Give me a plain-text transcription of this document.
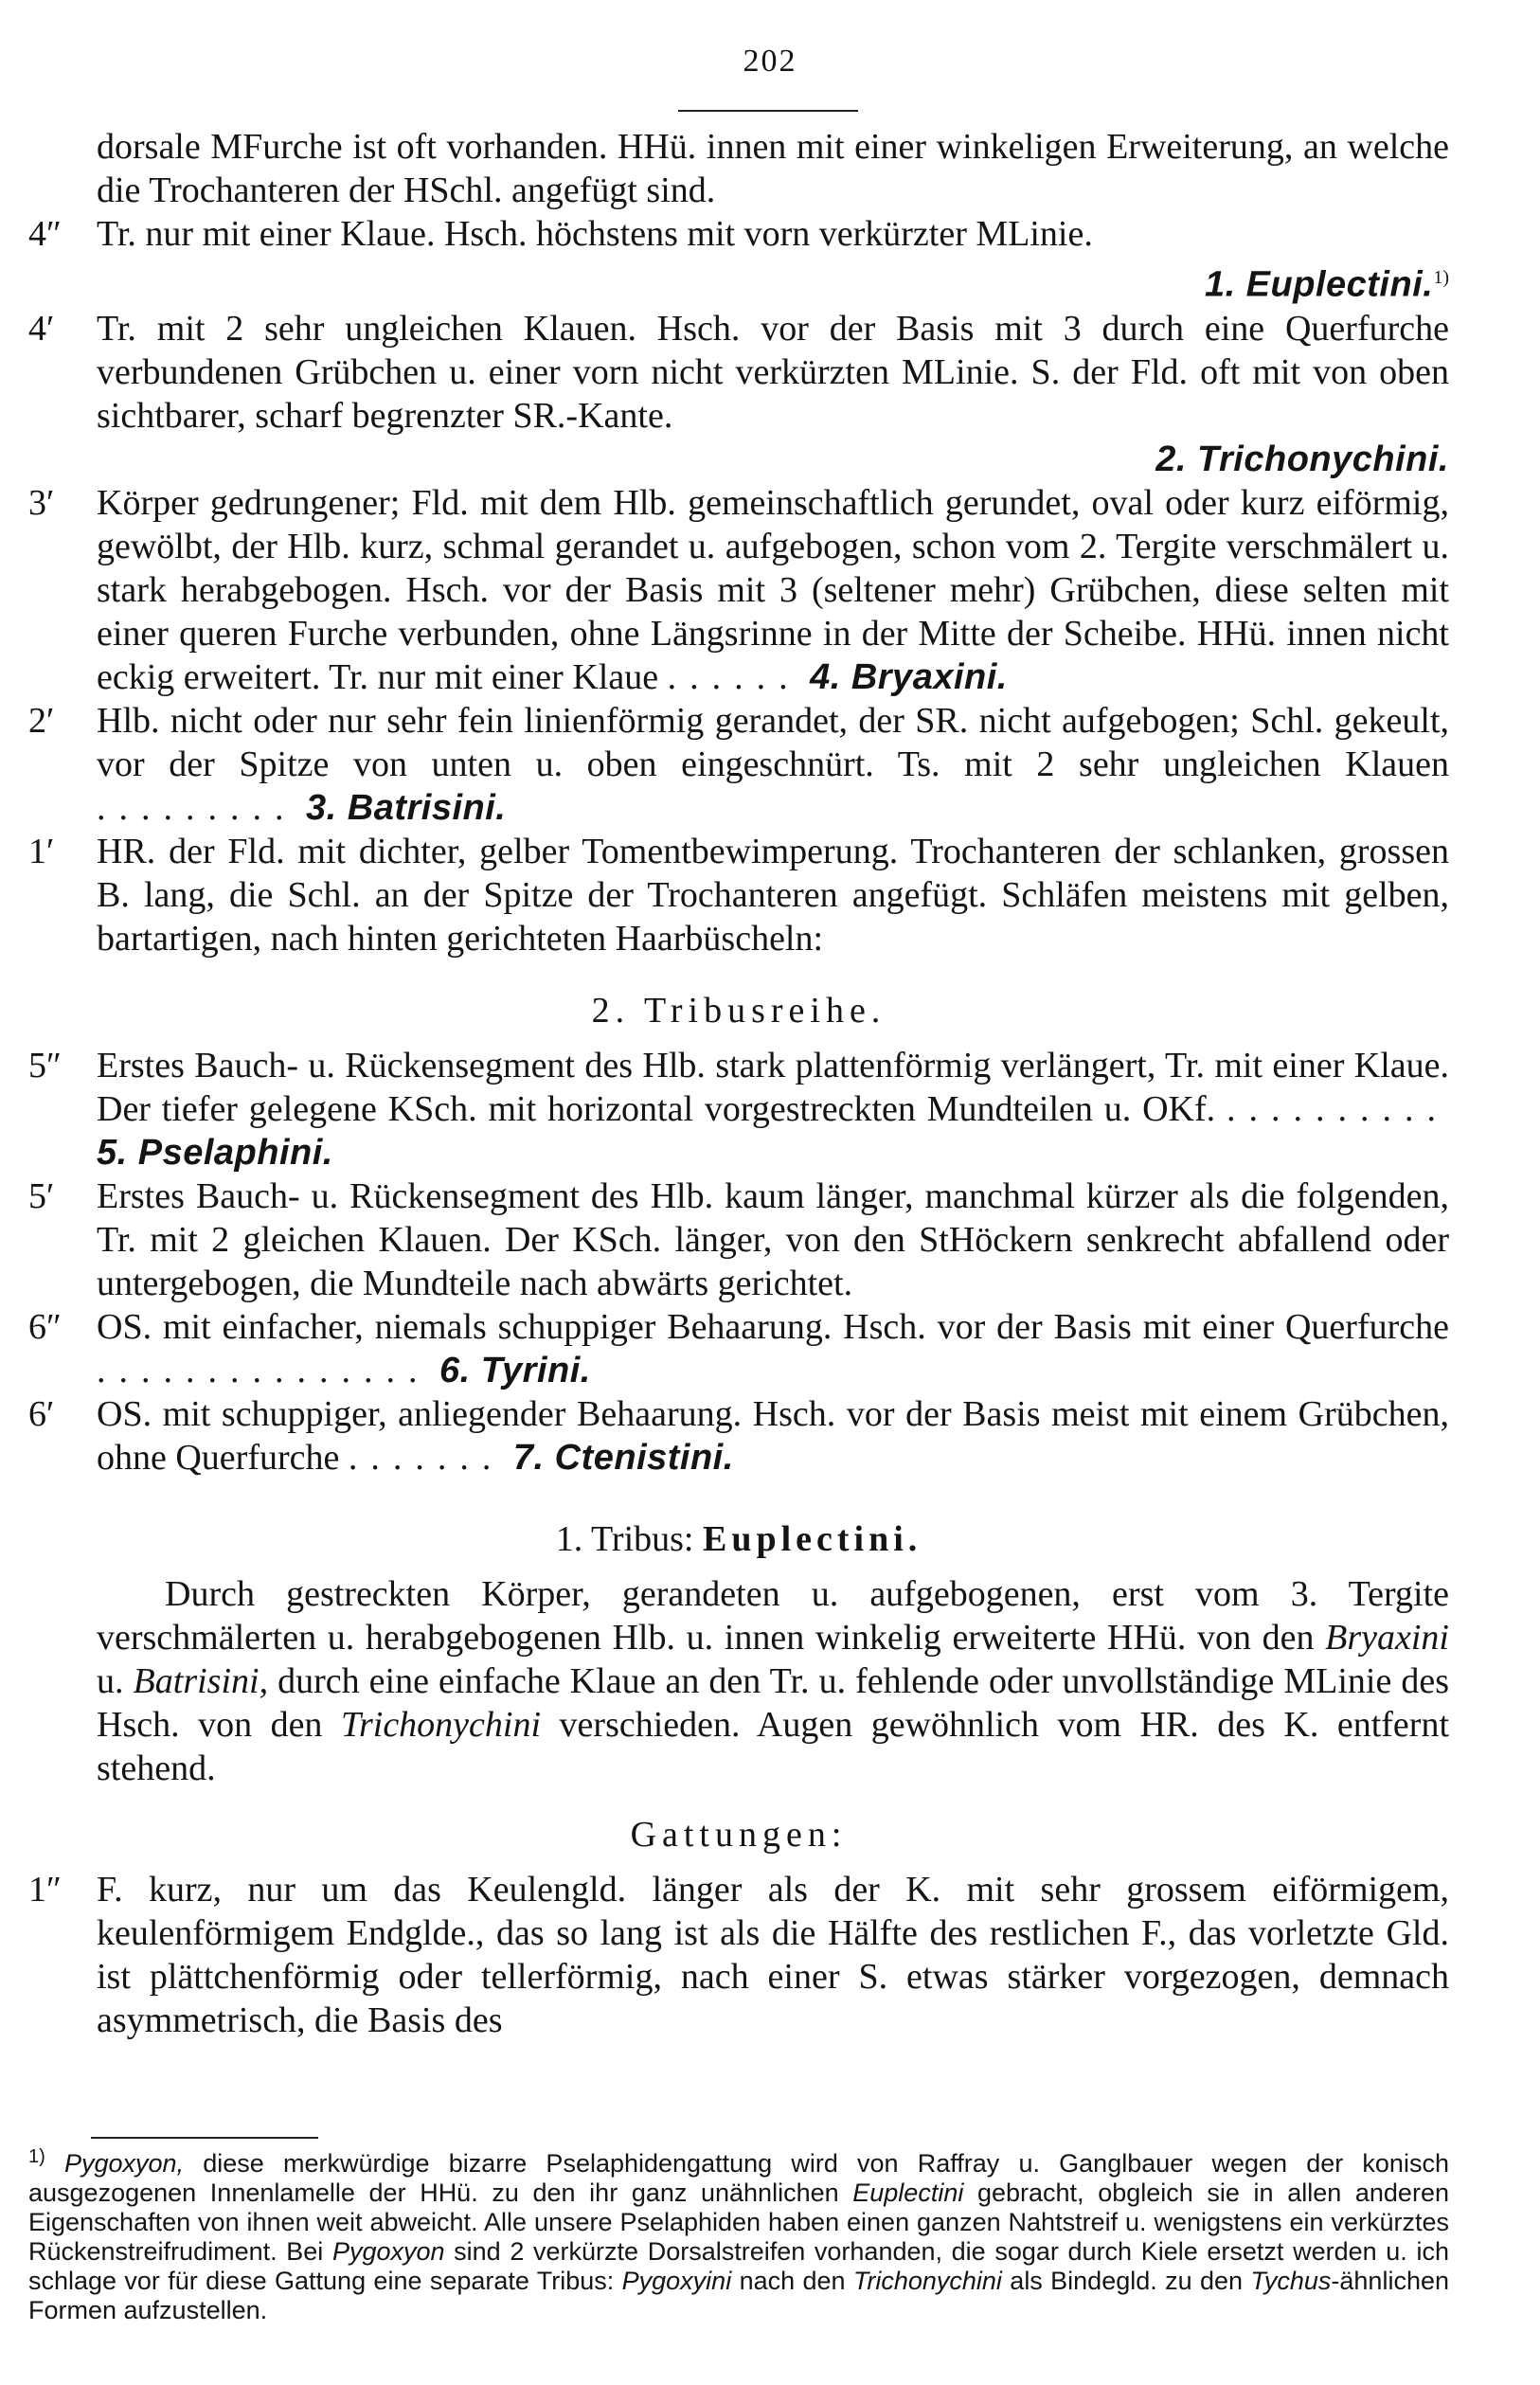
202
dorsale MFurche ist oft vorhanden. HHü. innen mit einer winkeligen Erweiterung, an welche die Trochanteren der HSchl. angefügt sind.
4″ Tr. nur mit einer Klaue. Hsch. höchstens mit vorn verkürzter MLinie.
1. Euplectini.$^{1)}$
4′	Tr. mit 2 sehr ungleichen Klauen. Hsch. vor der Basis mit 3 durch eine Querfurche verbundenen Grübchen u. einer vorn nicht verkürzten MLinie. S. der Fld. oft mit von oben sichtbarer, scharf begrenzter SR.-Kante.
2. Trichonychini.
3′	Körper gedrungener; Fld. mit dem Hlb. gemeinschaftlich gerundet, oval oder kurz eiförmig, gewölbt, der Hlb. kurz, schmal gerandet u. aufgebogen, schon vom 2. Tergite verschmälert u. stark herabgebogen. Hsch. vor der Basis mit 3 (seltener mehr) Grübchen, diese selten mit einer queren Furche verbunden, ohne Längsrinne in der Mitte der Scheibe. HHü. innen nicht eckig erweitert. Tr. nur mit einer Klaue ...... 4. Bryaxini.
2′	Hlb. nicht oder nur sehr fein linienförmig gerandet, der SR. nicht aufgebogen; Schl. gekeult, vor der Spitze von unten u. oben eingeschnürt. Ts. mit 2 sehr ungleichen Klauen ......... 3. Batrisini.
1′	HR. der Fld. mit dichter, gelber Tomentbewimperung. Trochanteren der schlanken, grossen B. lang, die Schl. an der Spitze der Trochanteren angefügt. Schläfen meistens mit gelben, bartartigen, nach hinten gerichteten Haarbüscheln:
2. Tribusreihe.
5″ Erstes Bauch- u. Rückensegment des Hlb. stark plattenförmig verlängert, Tr. mit einer Klaue. Der tiefer gelegene KSch. mit horizontal vorgestreckten Mundteilen u. OKf. .......... 5. Pselaphini.
5′	Erstes Bauch- u. Rückensegment des Hlb. kaum länger, manchmal kürzer als die folgenden, Tr. mit 2 gleichen Klauen. Der KSch. länger, von den StHöckern senkrecht abfallend oder untergebogen, die Mundteile nach abwärts gerichtet.
6″ OS. mit einfacher, niemals schuppiger Behaarung. Hsch. vor der Basis mit einer Querfurche ............... 6. Tyrini.
6′	OS. mit schuppiger, anliegender Behaarung. Hsch. vor der Basis meist mit einem Grübchen, ohne Querfurche ....... 7. Ctenistini.
1. Tribus: Euplectini.
Durch gestreckten Körper, gerandeten u. aufgebogenen, erst vom 3. Tergite verschmälerten u. herabgebogenen Hlb. u. innen winkelig erweiterte HHü. von den Bryaxini u. Batrisini, durch eine einfache Klaue an den Tr. u. fehlende oder unvollständige MLinie des Hsch. von den Trichonychini verschieden. Augen gewöhnlich vom HR. des K. entfernt stehend.
Gattungen:
1″ F. kurz, nur um das Keulengld. länger als der K. mit sehr grossem eiförmigem, keulenförmigem Endglde., das so lang ist als die Hälfte des restlichen F., das vorletzte Gld. ist plättchenförmig oder tellerförmig, nach einer S. etwas stärker vorgezogen, demnach asymmetrisch, die Basis des
$^{1)}$ Pygoxyon, diese merkwürdige bizarre Pselaphidengattung wird von Raffray u. Ganglbauer wegen der konisch ausgezogenen Innenlamelle der HHü. zu den ihr ganz unähnlichen Euplectini gebracht, obgleich sie in allen anderen Eigenschaften von ihnen weit abweicht. Alle unsere Pselaphiden haben einen ganzen Nahtstreif u. wenigstens ein verkürztes Rückenstreifrudiment. Bei Pygoxyon sind 2 verkürzte Dorsalstreifen vorhanden, die sogar durch Kiele ersetzt werden u. ich schlage vor für diese Gattung eine separate Tribus: Pygoxyini nach den Trichonychini als Bindegld. zu den Tychus-ähnlichen Formen aufzustellen.
